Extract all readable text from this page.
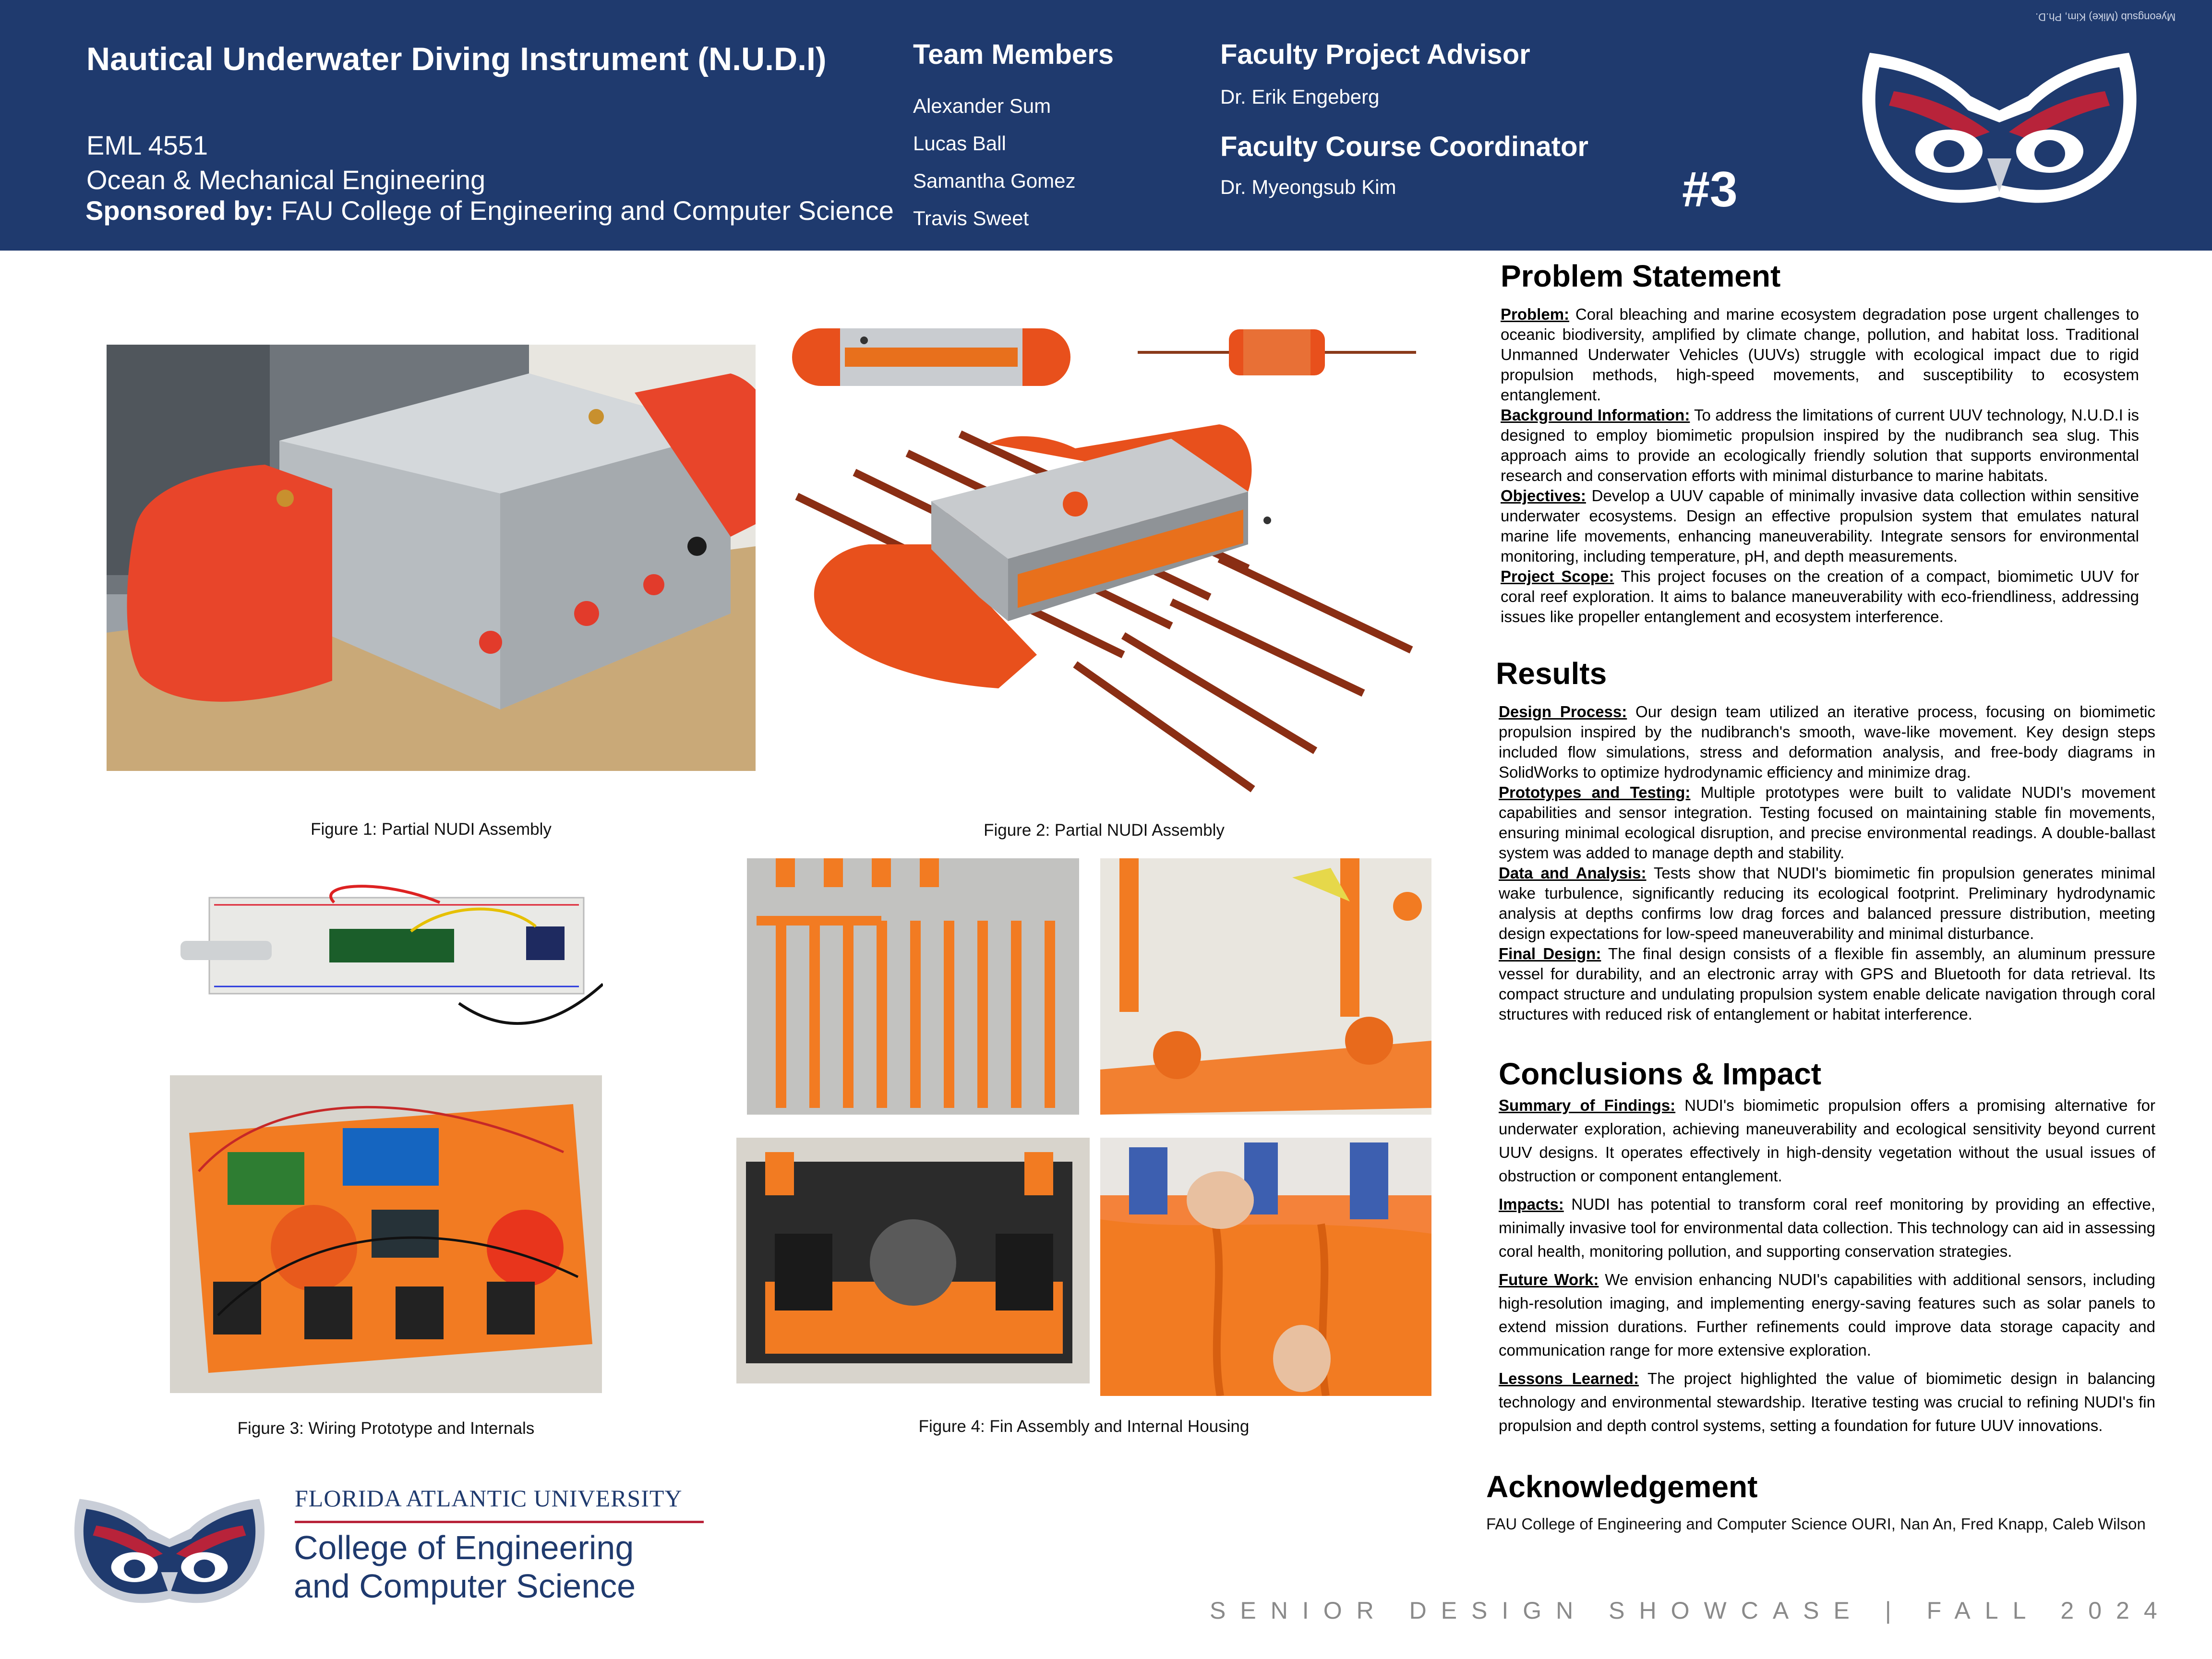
Nautical Underwater Diving Instrument (N.U.D.I)
EML 4551
Ocean & Mechanical Engineering
Sponsored by: FAU College of Engineering and Computer Science
Team Members
Alexander Sum
Lucas Ball
Samantha Gomez
Travis Sweet
Faculty Project Advisor
Dr. Erik Engeberg
Faculty Course Coordinator
Dr. Myeongsub Kim	#3
Myeongsub (Mike) Kim, Ph.D.
Figure 1: Partial NUDI Assembly	Figure 2: Partial NUDI Assembly
Figure 3: Wiring Prototype and Internals	Figure 4: Fin Assembly and Internal Housing
Problem Statement

Problem: Coral bleaching and marine ecosystem degradation pose urgent challenges to oceanic biodiversity, amplified by climate change, pollution, and habitat loss. Traditional Unmanned Underwater Vehicles (UUVs) struggle with ecological impact due to rigid propulsion methods, high-speed movements, and susceptibility to ecosystem entanglement.

Background Information: To address the limitations of current UUV technology, N.U.D.I is designed to employ biomimetic propulsion inspired by the nudibranch sea slug. This approach aims to provide an ecologically friendly solution that supports environmental research and conservation efforts with minimal disturbance to marine habitats.

Objectives: Develop a UUV capable of minimally invasive data collection within sensitive underwater ecosystems. Design an effective propulsion system that emulates natural marine life movements, enhancing maneuverability. Integrate sensors for environmental monitoring, including temperature, pH, and depth measurements.

Project Scope: This project focuses on the creation of a compact, biomimetic UUV for coral reef exploration. It aims to balance maneuverability with eco-friendliness, addressing issues like propeller entanglement and ecosystem interference.

Results

Design Process: Our design team utilized an iterative process, focusing on biomimetic propulsion inspired by the nudibranch's smooth, wave-like movement. Key design steps included flow simulations, stress and deformation analysis, and free-body diagrams in SolidWorks to optimize hydrodynamic efficiency and minimize drag.

Prototypes and Testing: Multiple prototypes were built to validate NUDI's movement capabilities and sensor integration. Testing focused on maintaining stable fin movements, ensuring minimal ecological disruption, and precise environmental readings. A double-ballast system was added to manage depth and stability.

Data and Analysis: Tests show that NUDI's biomimetic fin propulsion generates minimal wake turbulence, significantly reducing its ecological footprint. Preliminary hydrodynamic analysis at depths confirms low drag forces and balanced pressure distribution, meeting design expectations for low-speed maneuverability and minimal disturbance.

Final Design: The final design consists of a flexible fin assembly, an aluminum pressure vessel for durability, and an electronic array with GPS and Bluetooth for data retrieval. Its compact structure and undulating propulsion system enable delicate navigation through coral structures with reduced risk of entanglement or habitat interference.

Conclusions & Impact

Summary of Findings: NUDI's biomimetic propulsion offers a promising alternative for underwater exploration, achieving maneuverability and ecological sensitivity beyond current UUV designs. It operates effectively in high-density vegetation without the usual issues of obstruction or component entanglement.

Impacts: NUDI has potential to transform coral reef monitoring by providing an effective, minimally invasive tool for environmental data collection. This technology can aid in assessing coral health, monitoring pollution, and supporting conservation strategies.

Future Work: We envision enhancing NUDI's capabilities with additional sensors, including high-resolution imaging, and implementing energy-saving features such as solar panels to extend mission durations. Further refinements could improve data storage capacity and communication range for more extensive exploration.

Lessons Learned: The project highlighted the value of biomimetic design in balancing technology and environmental stewardship. Iterative testing was crucial to refining NUDI's fin propulsion and depth control systems, setting a foundation for future UUV innovations.

Acknowledgement
FAU College of Engineering and Computer Science OURI, Nan An, Fred Knapp, Caleb Wilson
FLORIDA ATLANTIC UNIVERSITY
College of Engineering
and Computer Science
SENIOR DESIGN SHOWCASE | FALL 2024
